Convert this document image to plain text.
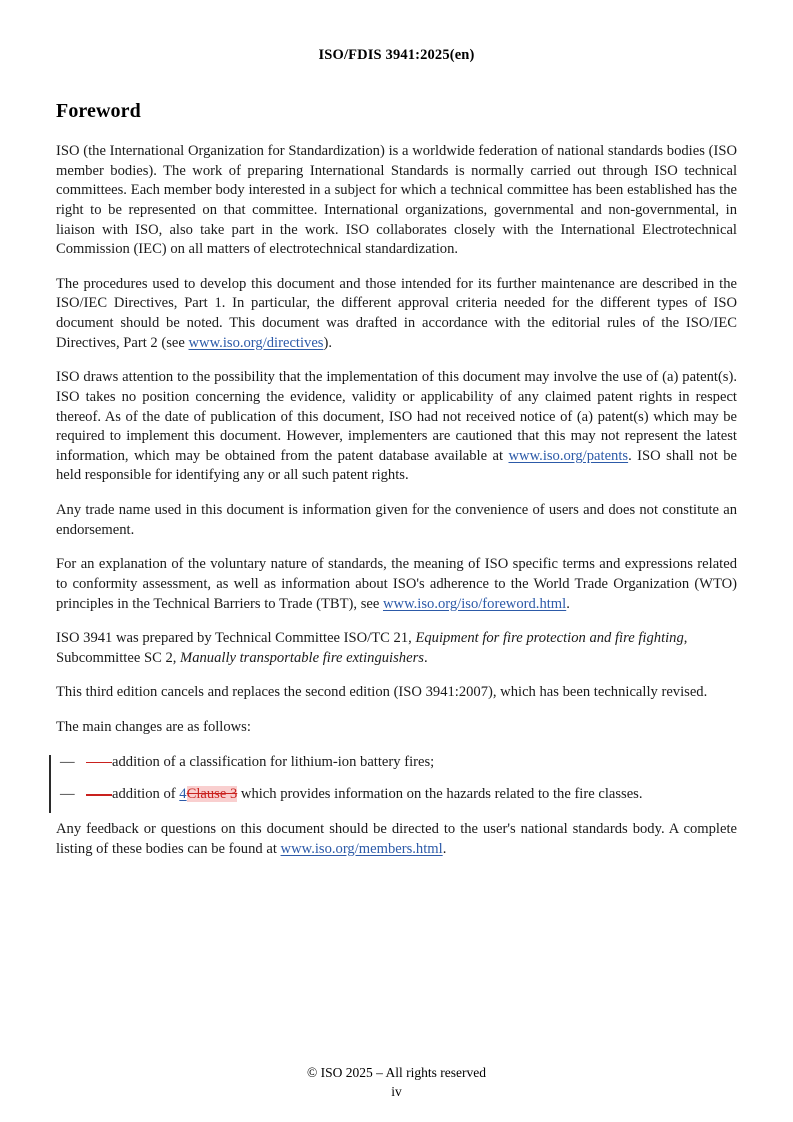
ISO/FDIS 3941:2025(en)
Foreword

ISO (the International Organization for Standardization) is a worldwide federation of national standards bodies (ISO member bodies). The work of preparing International Standards is normally carried out through ISO technical committees. Each member body interested in a subject for which a technical committee has been established has the right to be represented on that committee. International organizations, governmental and non-governmental, in liaison with ISO, also take part in the work. ISO collaborates closely with the International Electrotechnical Commission (IEC) on all matters of electrotechnical standardization.

The procedures used to develop this document and those intended for its further maintenance are described in the ISO/IEC Directives, Part 1. In particular, the different approval criteria needed for the different types of ISO document should be noted. This document was drafted in accordance with the editorial rules of the ISO/IEC Directives, Part 2 (see www.iso.org/directives).

ISO draws attention to the possibility that the implementation of this document may involve the use of (a) patent(s). ISO takes no position concerning the evidence, validity or applicability of any claimed patent rights in respect thereof. As of the date of publication of this document, ISO had not received notice of (a) patent(s) which may be required to implement this document. However, implementers are cautioned that this may not represent the latest information, which may be obtained from the patent database available at www.iso.org/patents. ISO shall not be held responsible for identifying any or all such patent rights.

Any trade name used in this document is information given for the convenience of users and does not constitute an endorsement.

For an explanation of the voluntary nature of standards, the meaning of ISO specific terms and expressions related to conformity assessment, as well as information about ISO's adherence to the World Trade Organization (WTO) principles in the Technical Barriers to Trade (TBT), see www.iso.org/iso/foreword.html.

ISO 3941 was prepared by Technical Committee ISO/TC 21, Equipment for fire protection and fire fighting, Subcommittee SC 2, Manually transportable fire extinguishers.

This third edition cancels and replaces the second edition (ISO 3941:2007), which has been technically revised.

The main changes are as follows:

—	addition of a classification for lithium-ion battery fires;
—	addition of 4Clause 3 which provides information on the hazards related to the fire classes.

Any feedback or questions on this document should be directed to the user's national standards body. A complete listing of these bodies can be found at www.iso.org/members.html.

© ISO 2025 – All rights reserved
iv
